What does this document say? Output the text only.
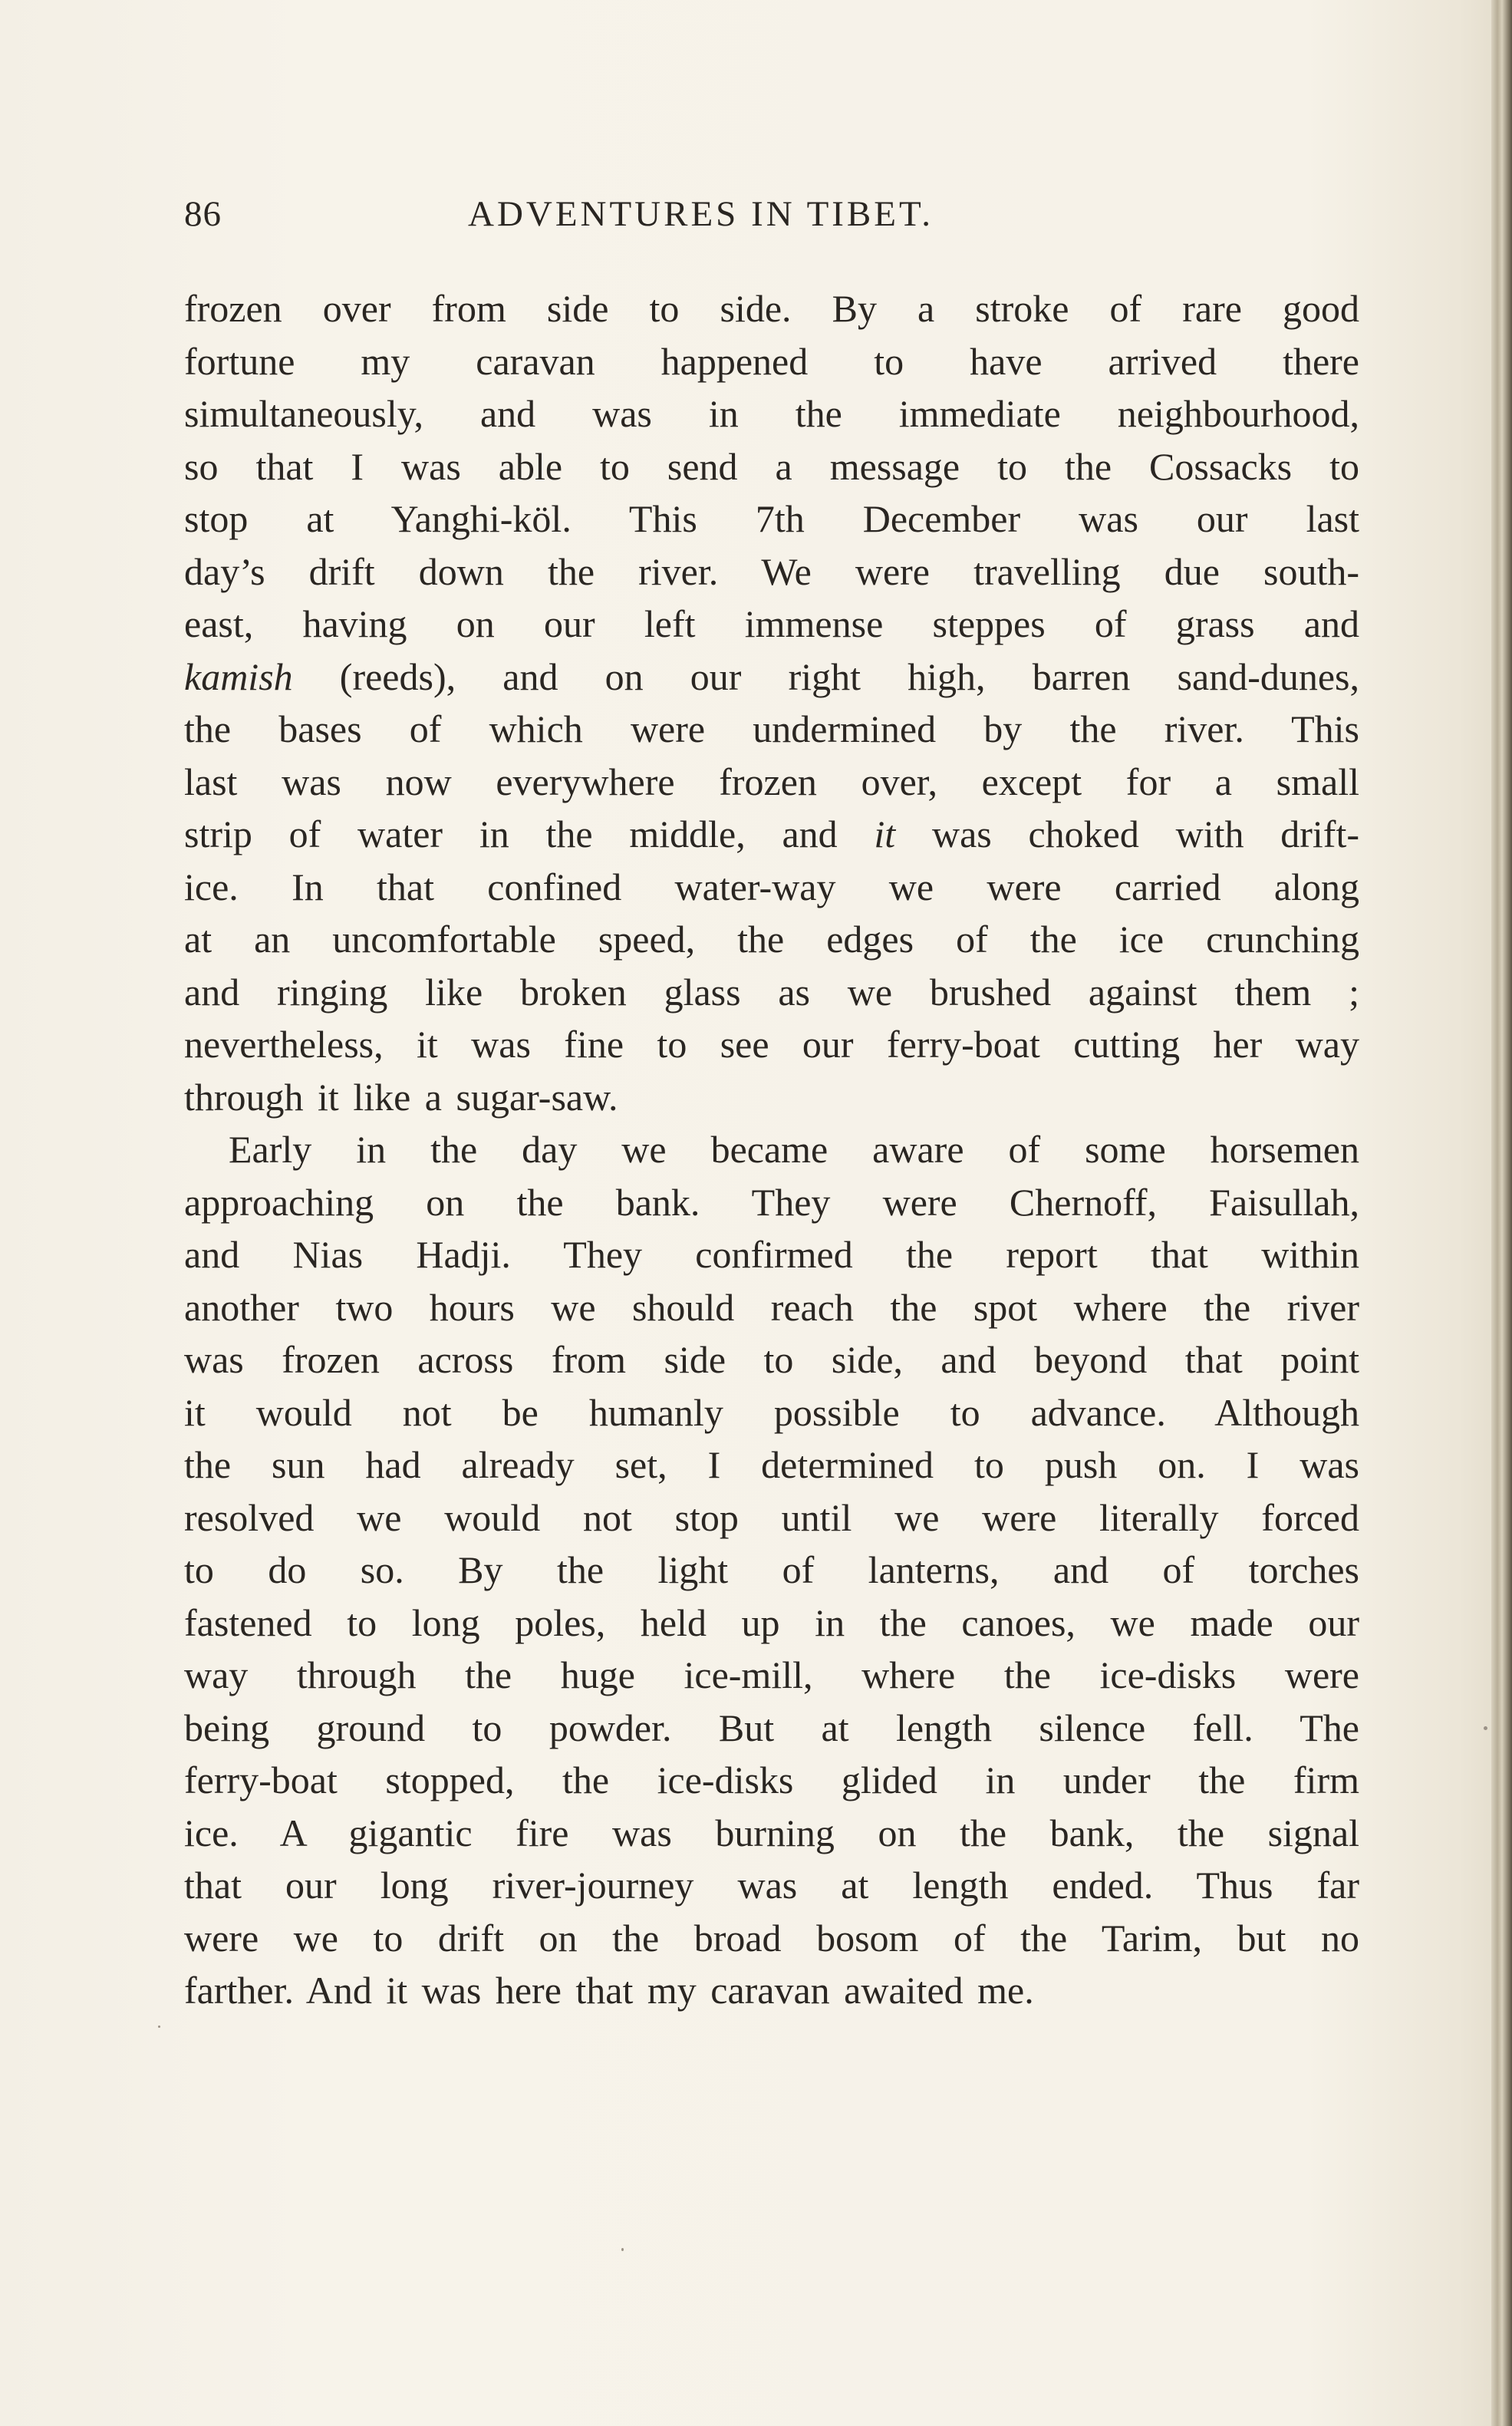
86	ADVENTURES IN TIBET.
frozen over from side to side. By a stroke of rare good
fortune my caravan happened to have arrived there
simultaneously, and was in the immediate neighbourhood,
so that I was able to send a message to the Cossacks to
stop at Yanghi-köl. This 7th December was our last
day’s drift down the river. We were travelling due south-
east, having on our left immense steppes of grass and
kamish (reeds), and on our right high, barren sand-dunes,
the bases of which were undermined by the river. This
last was now everywhere frozen over, except for a small
strip of water in the middle, and it was choked with drift-
ice. In that confined water-way we were carried along
at an uncomfortable speed, the edges of the ice crunching
and ringing like broken glass as we brushed against them ;
nevertheless, it was fine to see our ferry-boat cutting her way
through it like a sugar-saw.
Early in the day we became aware of some horsemen
approaching on the bank. They were Chernoff, Faisullah,
and Nias Hadji. They confirmed the report that within
another two hours we should reach the spot where the river
was frozen across from side to side, and beyond that point
it would not be humanly possible to advance. Although
the sun had already set, I determined to push on. I was
resolved we would not stop until we were literally forced
to do so. By the light of lanterns, and of torches
fastened to long poles, held up in the canoes, we made our
way through the huge ice-mill, where the ice-disks were
being ground to powder. But at length silence fell. The
ferry-boat stopped, the ice-disks glided in under the firm
ice. A gigantic fire was burning on the bank, the signal
that our long river-journey was at length ended. Thus far
were we to drift on the broad bosom of the Tarim, but no
farther. And it was here that my caravan awaited me.
